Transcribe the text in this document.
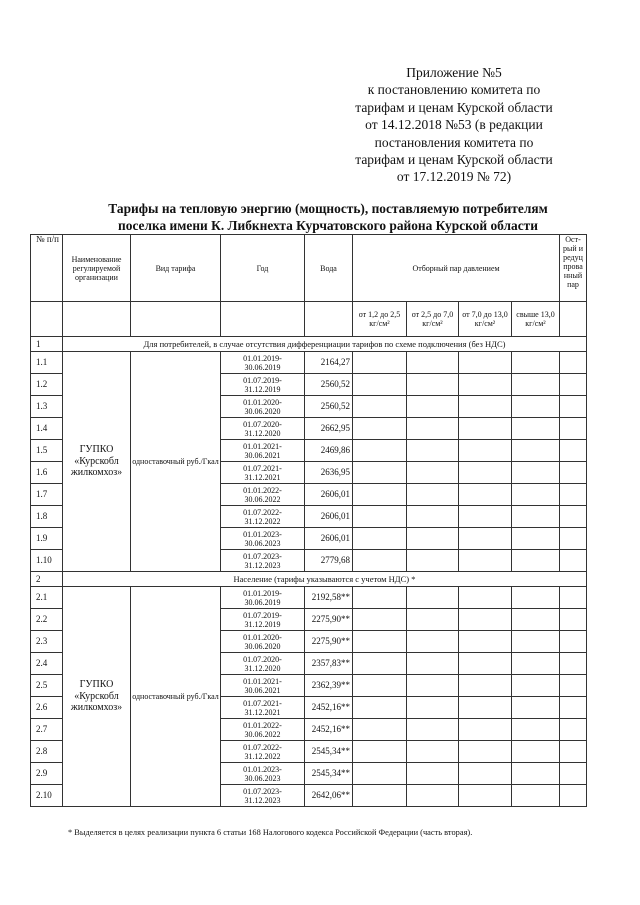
Приложение №5
к постановлению комитета по
тарифам и ценам Курской области
от 14.12.2018 №53 (в редакции
постановления комитета по
тарифам и ценам Курской области
от 17.12.2019 № 72)
Тарифы на тепловую энергию (мощность), поставляемую потребителям
поселка имени К. Либкнехта Курчатовского района Курской области
№ п/п	Наименование регулируемой организации	Вид тарифа	Год	Вода	Отборный пар давлением				Ост-рый и редуц прова нный пар
					от 1,2 до 2,5 кг/см²	от 2,5 до 7,0 кг/см²	от 7,0 до 13,0 кг/см²	свыше 13,0 кг/см²	
1	Для потребителей, в случае отсутствия дифференциации тарифов по схеме подключения (без НДС)								
1.1	ГУПКО «Курскобл жилкомхоз»	одноставочный руб./Гкал	01.01.2019-
30.06.2019	2164,27					
1.2			01.07.2019-
31.12.2019	2560,52					
1.3			01.01.2020-
30.06.2020	2560,52					
1.4			01.07.2020-
31.12.2020	2662,95					
1.5			01.01.2021-
30.06.2021	2469,86					
1.6			01.07.2021-
31.12.2021	2636,95					
1.7			01.01.2022-
30.06.2022	2606,01					
1.8			01.07.2022-
31.12.2022	2606,01					
1.9			01.01.2023-
30.06.2023	2606,01					
1.10			01.07.2023-
31.12.2023	2779,68					
2	Население (тарифы указываются с учетом НДС) *								
2.1	ГУПКО «Курскобл жилкомхоз»	одноставочный руб./Гкал	01.01.2019-
30.06.2019	2192,58**					
2.2			01.07.2019-
31.12.2019	2275,90**					
2.3			01.01.2020-
30.06.2020	2275,90**					
2.4			01.07.2020-
31.12.2020	2357,83**					
2.5			01.01.2021-
30.06.2021	2362,39**					
2.6			01.07.2021-
31.12.2021	2452,16**					
2.7			01.01.2022-
30.06.2022	2452,16**					
2.8			01.07.2022-
31.12.2022	2545,34**					
2.9			01.01.2023-
30.06.2023	2545,34**					
2.10			01.07.2023-
31.12.2023	2642,06**					
* Выделяется в целях реализации пункта 6 статьи 168 Налогового кодекса Российской Федерации (часть вторая).
